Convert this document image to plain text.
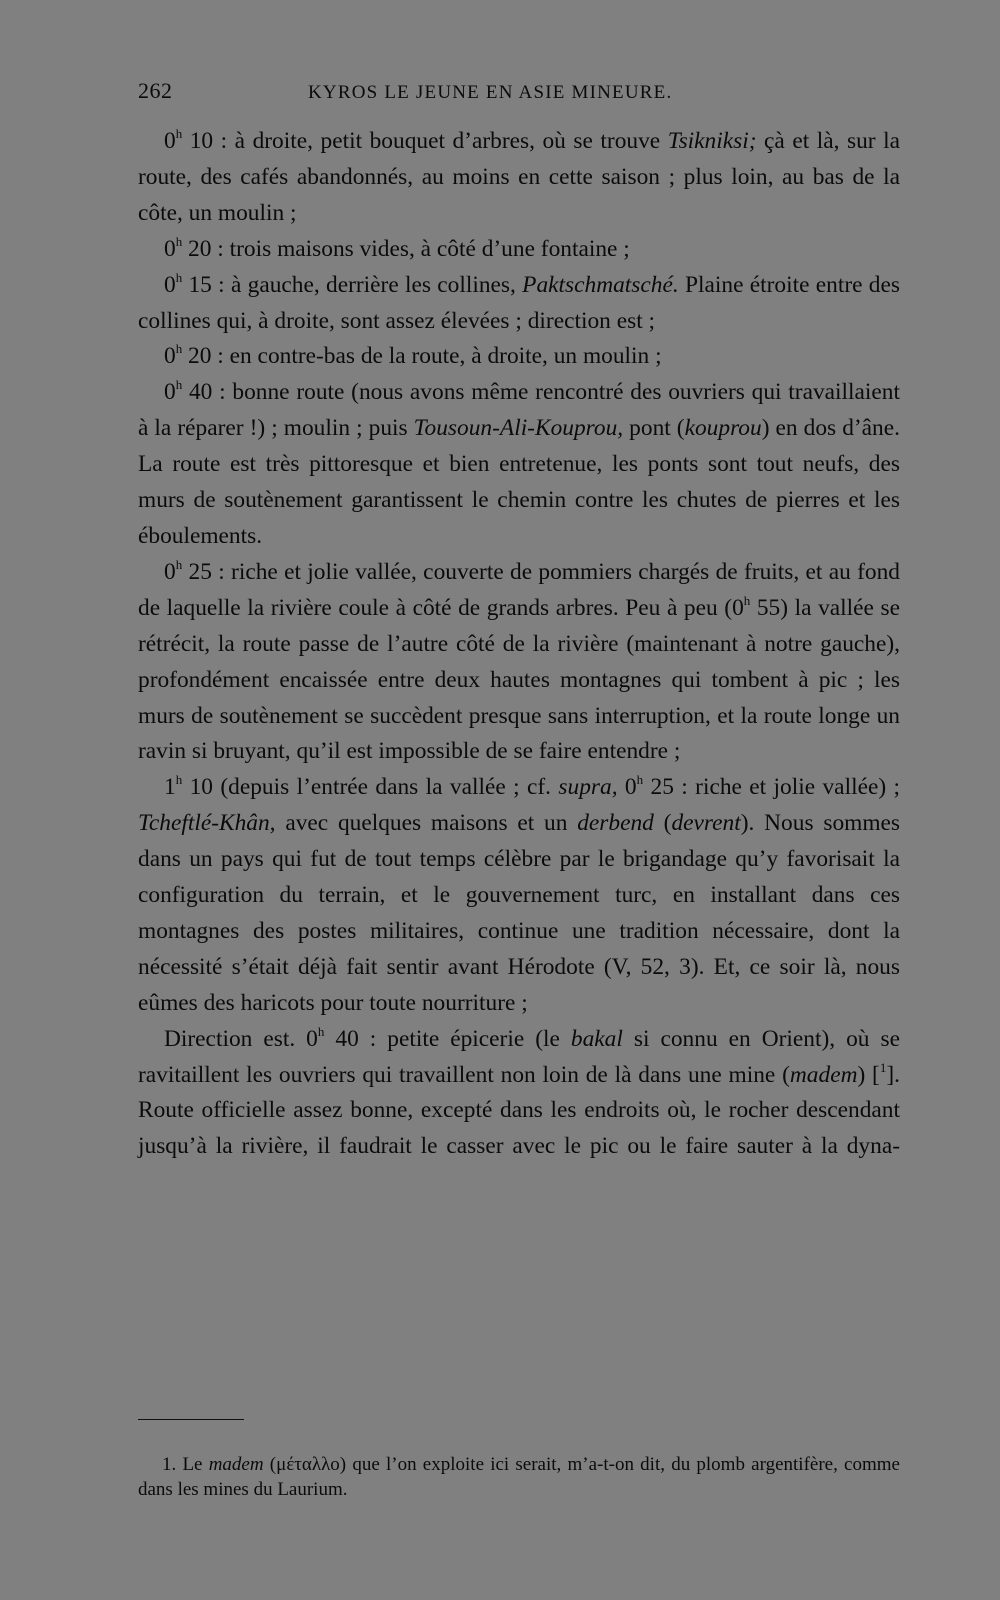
262	KYROS LE JEUNE EN ASIE MINEURE.

0$^h$ 10 : à droite, petit bouquet d’arbres, où se trouve Tsikniksi; çà et là, sur la route, des cafés abandonnés, au moins en cette saison ; plus loin, au bas de la côte, un moulin ;

0$^h$ 20 : trois maisons vides, à côté d’une fontaine ;

0$^h$ 15 : à gauche, derrière les collines, Paktschmatsché. Plaine étroite entre des collines qui, à droite, sont assez élevées ; direction est ;

0$^h$ 20 : en contre-bas de la route, à droite, un moulin ;

0$^h$ 40 : bonne route (nous avons même rencontré des ouvriers qui travaillaient à la réparer !) ; moulin ; puis Tousoun-Ali-Kouprou, pont (kouprou) en dos d’âne. La route est très pittoresque et bien entretenue, les ponts sont tout neufs, des murs de soutènement garantissent le chemin contre les chutes de pierres et les éboulements.

0$^h$ 25 : riche et jolie vallée, couverte de pommiers chargés de fruits, et au fond de laquelle la rivière coule à côté de grands arbres. Peu à peu (0$^h$ 55) la vallée se rétrécit, la route passe de l’autre côté de la rivière (maintenant à notre gauche), profondément encaissée entre deux hautes montagnes qui tombent à pic ; les murs de soutènement se succèdent presque sans interruption, et la route longe un ravin si bruyant, qu’il est impossible de se faire entendre ;

1$^h$ 10 (depuis l’entrée dans la vallée ; cf. supra, 0$^h$ 25 : riche et jolie vallée) ; Tcheftlé-Khân, avec quelques maisons et un derbend (devrent). Nous sommes dans un pays qui fut de tout temps célèbre par le brigandage qu’y favorisait la configuration du terrain, et le gouvernement turc, en installant dans ces montagnes des postes militaires, continue une tradition nécessaire, dont la nécessité s’était déjà fait sentir avant Hérodote (V, 52, 3). Et, ce soir là, nous eûmes des haricots pour toute nourriture ;

Direction est. 0$^h$ 40 : petite épicerie (le bakal si connu en Orient), où se ravitaillent les ouvriers qui travaillent non loin de là dans une mine (madem) [$^1$]. Route officielle assez bonne, excepté dans les endroits où, le rocher descendant jusqu’à la rivière, il faudrait le casser avec le pic ou le faire sauter à la dyna-

1. Le madem (μέταλλο) que l’on exploite ici serait, m’a-t-on dit, du plomb argentifère, comme dans les mines du Laurium.
